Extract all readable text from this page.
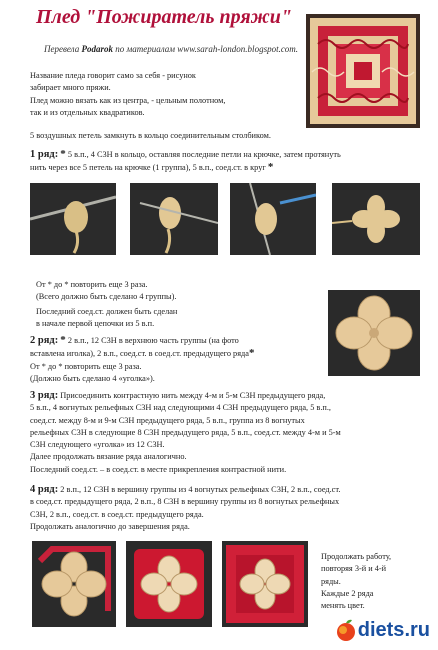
Плед "Пожиратель пряжи"
Перевела Podarok по материалам www.sarah-london.blogspot.com.

Название пледа говорит само за себя - рисунок

забирает много пряжи.

Плед можно вязать как из центра, - цельным полотном,

так и из отдельных квадратиков.

5 воздушных петель замкнуть в кольцо соединительным столбиком.
1 ряд: * 5 в.п., 4 С3Н в кольцо, оставляя последние петли на крючке, затем протянуть
нить через все 5 петель на крючке (1 группа), 5 в.п., соед.ст. в круг *
От * до * повторить еще 3 раза.
(Всего должно быть сделано 4 группы).
Последний соед.ст. должен быть сделан
в начале первой цепочки из 5 в.п.
2 ряд: * 2 в.п., 12 С3Н в верхнюю часть группы (на фото
вставлена иголка), 2 в.п., соед.ст. в соед.ст. предыдущего ряда*
От * до * повторить еще 3 раза.
(Должно быть сделано 4 «уголка»).
3 ряд: Присоединить контрастную нить между 4-м и 5-м С3Н предыдущего ряда,
5 в.п., 4 вогнутых рельефных С3Н над следующими 4 С3Н предыдущего ряда, 5 в.п.,
соед.ст. между 8-м и 9-м С3Н предыдущего ряда, 5 в.п., группа из 8 вогнутых
рельефных С3Н в следующие 8 С3Н предыдущего ряда, 5 в.п., соед.ст. между 4-м и 5-м
С3Н следующего «уголка» из 12 С3Н.
Далее продолжать вязание ряда аналогично.
Последний соед.ст. – в соед.ст. в месте прикрепления контрастной нити.
4 ряд: 2 в.п., 12 С3Н в вершину группы из 4 вогнутых рельефных С3Н, 2 в.п., соед.ст.
в соед.ст. предыдущего ряда, 2 в.п., 8 С3Н в вершину группы из 8 вогнутых рельефных
С3Н, 2 в.п., соед.ст. в соед.ст. предыдущего ряда.
Продолжать аналогично до завершения ряда.
Продолжать работу,
повторяя 3-й и 4-й
ряды.
Каждые 2 ряда
менять цвет.
diets .ru
